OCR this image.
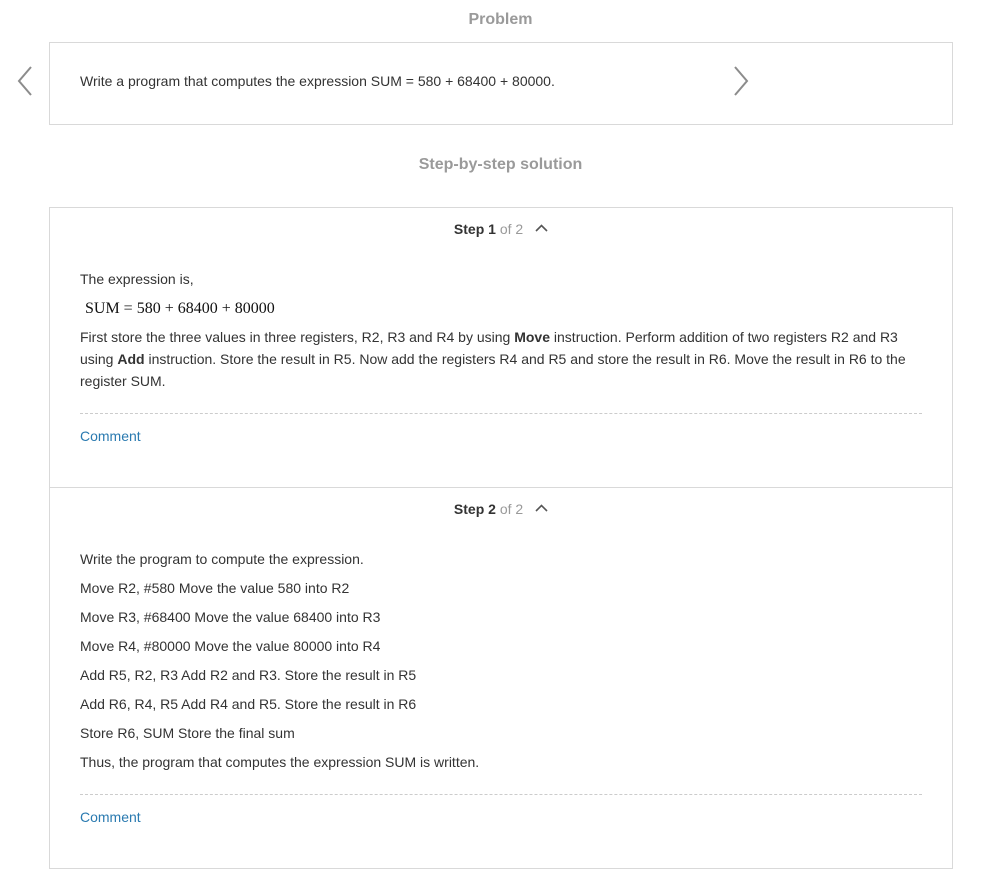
Problem
Write a program that computes the expression SUM = 580 + 68400 + 80000.
Step-by-step solution
Step 1 of 2
The expression is,
SUM = 580 + 68400 + 80000
First store the three values in three registers, R2, R3 and R4 by using Move instruction. Perform addition of two registers R2 and R3 using Add instruction. Store the result in R5. Now add the registers R4 and R5 and store the result in R6. Move the result in R6 to the register SUM.
Comment
Step 2 of 2
Write the program to compute the expression.
Move R2, #580 Move the value 580 into R2
Move R3, #68400 Move the value 68400 into R3
Move R4, #80000 Move the value 80000 into R4
Add R5, R2, R3 Add R2 and R3. Store the result in R5
Add R6, R4, R5 Add R4 and R5. Store the result in R6
Store R6, SUM Store the final sum
Thus, the program that computes the expression SUM is written.
Comment
